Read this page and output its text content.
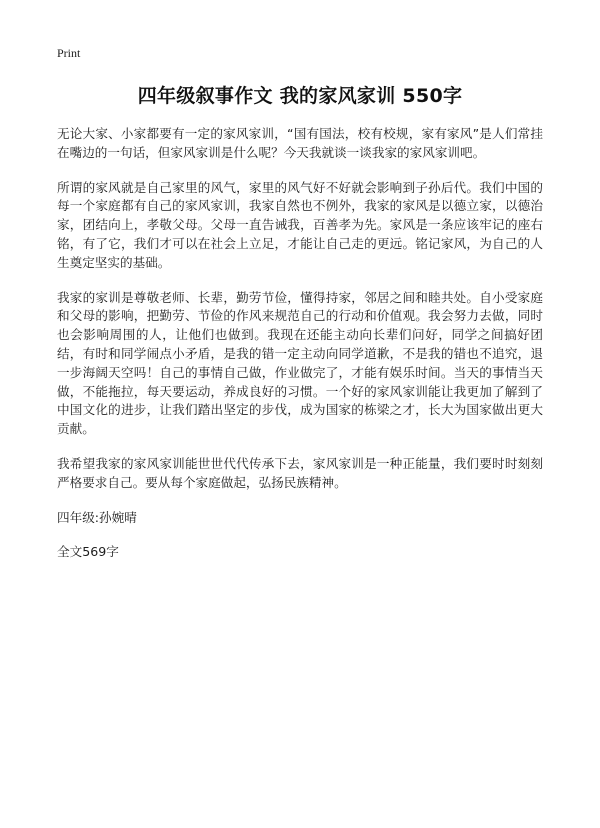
Print

四年级叙事作文 我的家风家训 550字

无论大家、小家都要有一定的家风家训，“国有国法，校有校规，家有家风”是人们常挂在嘴边的一句话，但家风家训是什么呢？今天我就谈一谈我家的家风家训吧。

所谓的家风就是自己家里的风气，家里的风气好不好就会影响到子孙后代。我们中国的每一个家庭都有自己的家风家训，我家自然也不例外，我家的家风是以德立家，以德治家，团结向上，孝敬父母。父母一直告诫我，百善孝为先。家风是一条应该牢记的座右铭，有了它，我们才可以在社会上立足，才能让自己走的更远。铭记家风，为自己的人生奠定坚实的基础。

我家的家训是尊敬老师、长辈，勤劳节俭，懂得持家，邻居之间和睦共处。自小受家庭和父母的影响，把勤劳、节俭的作风来规范自己的行动和价值观。我会努力去做，同时也会影响周围的人，让他们也做到。我现在还能主动向长辈们问好，同学之间搞好团结，有时和同学闹点小矛盾，是我的错一定主动向同学道歉，不是我的错也不追究，退一步海阔天空吗！自己的事情自己做，作业做完了，才能有娱乐时间。当天的事情当天做，不能拖拉，每天要运动，养成良好的习惯。一个好的家风家训能让我更加了解到了中国文化的进步，让我们踏出坚定的步伐，成为国家的栋梁之才，长大为国家做出更大贡献。

我希望我家的家风家训能世世代代传承下去，家风家训是一种正能量，我们要时时刻刻严格要求自己。要从每个家庭做起，弘扬民族精神。

四年级:孙婉晴

全文569字
